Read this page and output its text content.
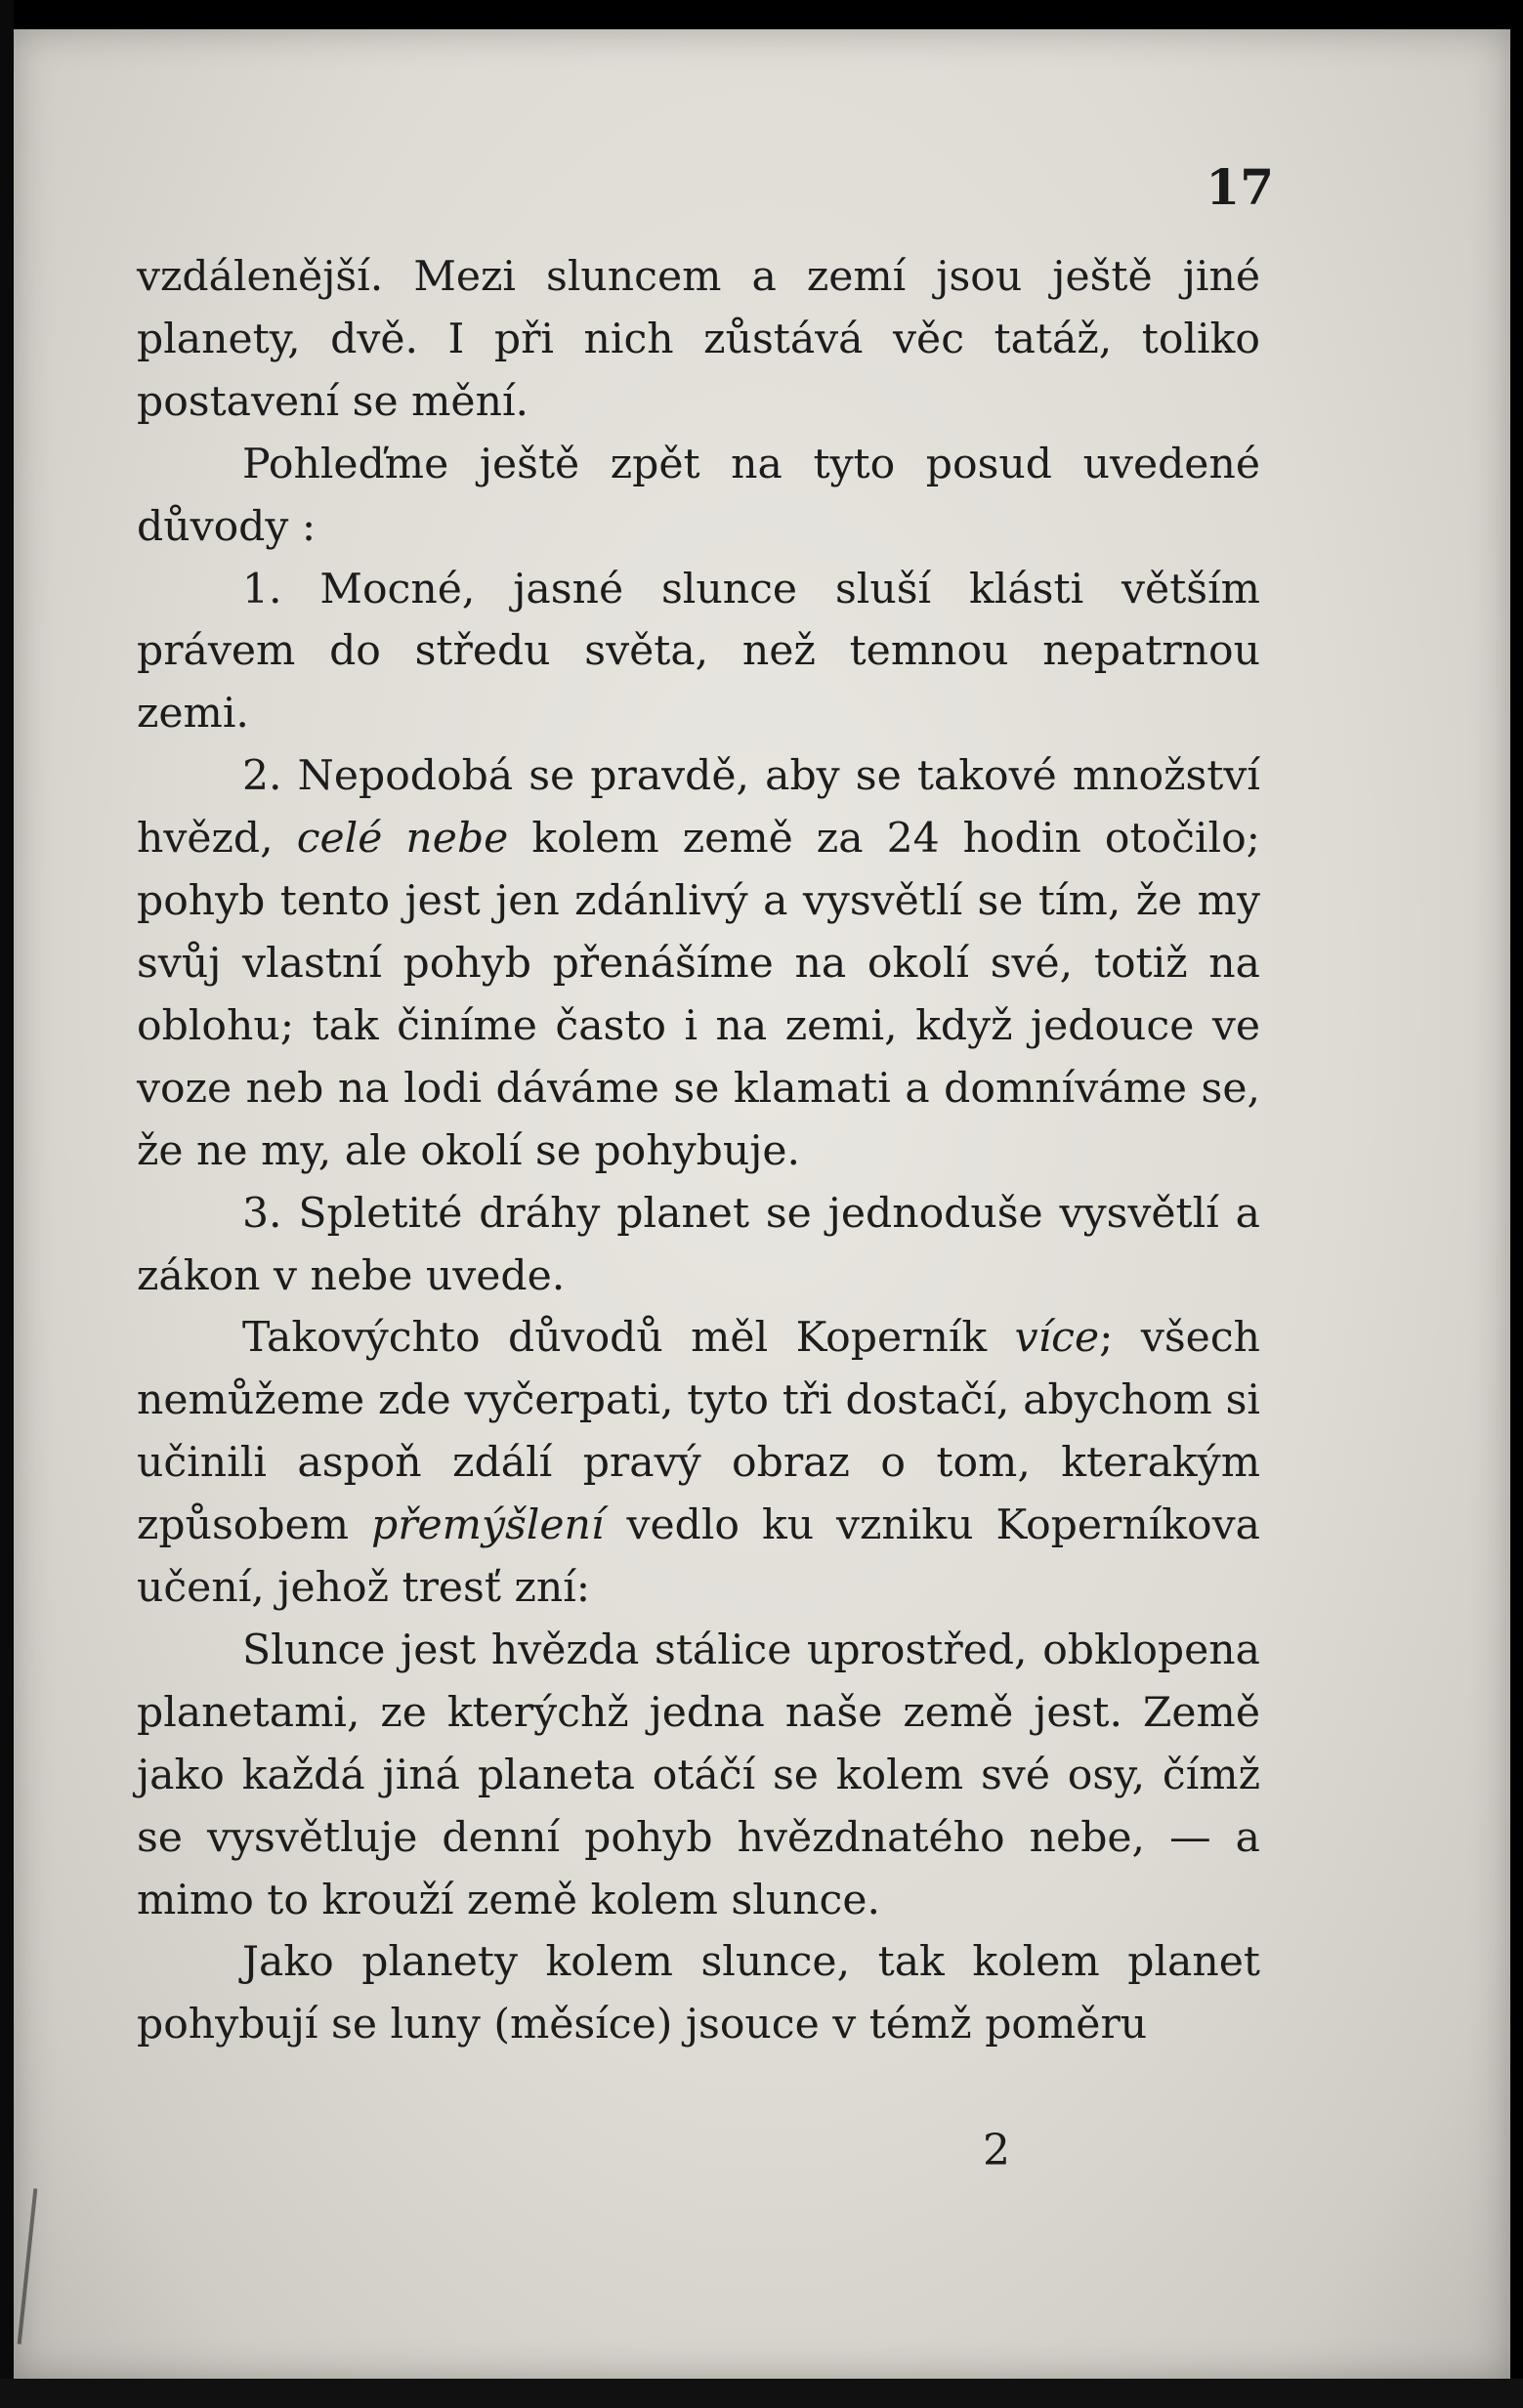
17

vzdálenější. Mezi sluncem a zemí jsou ještě jiné planety, dvě. I při nich zůstává věc tatáž, toliko postavení se mění.

Pohleďme ještě zpět na tyto posud uvedené důvody :

1. Mocné, jasné slunce sluší klásti větším právem do středu světa, než temnou nepatrnou zemi.

2. Nepodobá se pravdě, aby se takové množství hvězd, celé nebe kolem země za 24 hodin otočilo; pohyb tento jest jen zdánlivý a vysvětlí se tím, že my svůj vlastní pohyb přenášíme na okolí své, totiž na oblohu; tak činíme často i na zemi, když jedouce ve voze neb na lodi dáváme se klamati a domníváme se, že ne my, ale okolí se pohybuje.

3. Spletité dráhy planet se jednoduše vysvětlí a zákon v nebe uvede.

Takovýchto důvodů měl Koperník více; všech nemůžeme zde vyčerpati, tyto tři dostačí, abychom si učinili aspoň zdálí pravý obraz o tom, kterakým způsobem přemýšlení vedlo ku vzniku Koperníkova učení, jehož tresť zní:

Slunce jest hvězda stálice uprostřed, obklopena planetami, ze kterýchž jedna naše země jest. Země jako každá jiná planeta otáčí se kolem své osy, čímž se vysvětluje denní pohyb hvězdnatého nebe, — a mimo to krouží země kolem slunce.

Jako planety kolem slunce, tak kolem planet pohybují se luny (měsíce) jsouce v témž poměru

2
